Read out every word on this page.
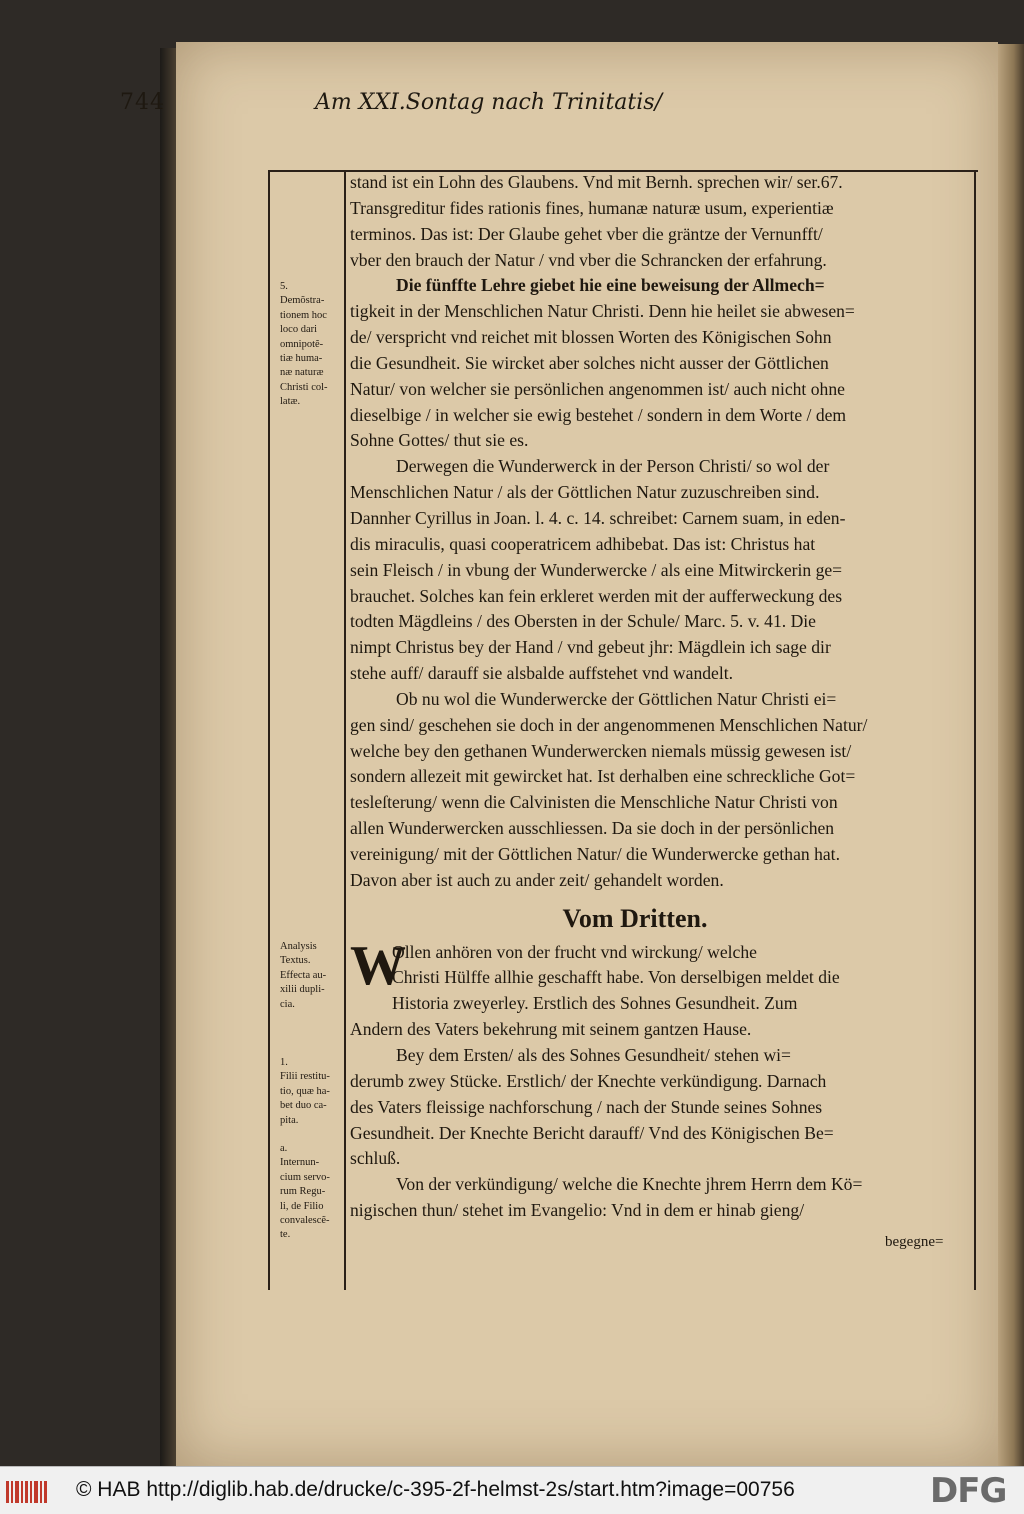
744	Am XXI.Sontag nach Trinitatis/
5.
Demõstra-
tionem hoc
loco dari
omnipotẽ-
tiæ huma-
næ naturæ
Christi col-
latæ.
Analysis
Textus.
Effecta au-
xilii dupli-
cia.
1.
Filii restitu-
tio, quæ ha-
bet duo ca-
pita.
a.
Internun-
cium servo-
rum Regu-
li, de Filio
convalescẽ-
te.
stand ist ein Lohn des Glaubens. Vnd mit Bernh. sprechen wir/ ser.67.
Transgreditur fides rationis fines, humanæ naturæ usum, experientiæ
terminos. Das ist: Der Glaube gehet vber die gräntze der Vernunfft/
vber den brauch der Natur / vnd vber die Schrancken der erfahrung.
Die fünffte Lehre giebet hie eine beweisung der Allmech=
tigkeit in der Menschlichen Natur Christi. Denn hie heilet sie abwesen=
de/ verspricht vnd reichet mit blossen Worten des Königischen Sohn
die Gesundheit. Sie wircket aber solches nicht ausser der Göttlichen
Natur/ von welcher sie persönlichen angenommen ist/ auch nicht ohne
dieselbige / in welcher sie ewig bestehet / sondern in dem Worte / dem
Sohne Gottes/ thut sie es.
Derwegen die Wunderwerck in der Person Christi/ so wol der
Menschlichen Natur / als der Göttlichen Natur zuzuschreiben sind.
Dannher Cyrillus in Joan. l. 4. c. 14. schreibet: Carnem suam, in eden-
dis miraculis, quasi cooperatricem adhibebat. Das ist: Christus hat
sein Fleisch / in vbung der Wunderwercke / als eine Mitwirckerin ge=
brauchet. Solches kan fein erkleret werden mit der aufferweckung des
todten Mägdleins / des Obersten in der Schule/ Marc. 5. v. 41. Die
nimpt Christus bey der Hand / vnd gebeut jhr: Mägdlein ich sage dir
stehe auff/ darauff sie alsbalde auffstehet vnd wandelt.
Ob nu wol die Wunderwercke der Göttlichen Natur Christi ei=
gen sind/ geschehen sie doch in der angenommenen Menschlichen Natur/
welche bey den gethanen Wunderwercken niemals müssig gewesen ist/
sondern allezeit mit gewircket hat. Ist derhalben eine schreckliche Got=
tesleſterung/ wenn die Calvinisten die Menschliche Natur Christi von
allen Wunderwercken ausschliessen. Da sie doch in der persönlichen
vereinigung/ mit der Göttlichen Natur/ die Wunderwercke gethan hat.
Davon aber ist auch zu ander zeit/ gehandelt worden.
Vom Dritten.
W
Ollen anhören von der frucht vnd wirckung/ welche
Christi Hülffe allhie geschafft habe. Von derselbigen meldet die
Historia zweyerley. Erstlich des Sohnes Gesundheit. Zum
Andern des Vaters bekehrung mit seinem gantzen Hause.
Bey dem Ersten/ als des Sohnes Gesundheit/ stehen wi=
derumb zwey Stücke. Erstlich/ der Knechte verkündigung. Darnach
des Vaters fleissige nachforschung / nach der Stunde seines Sohnes
Gesundheit. Der Knechte Bericht darauff/ Vnd des Königischen Be=
schluß.
Von der verkündigung/ welche die Knechte jhrem Herrn dem Kö=
nigischen thun/ stehet im Evangelio: Vnd in dem er hinab gieng/
begegne=
© HAB http://diglib.hab.de/drucke/c-395-2f-helmst-2s/start.htm?image=00756	DFG
